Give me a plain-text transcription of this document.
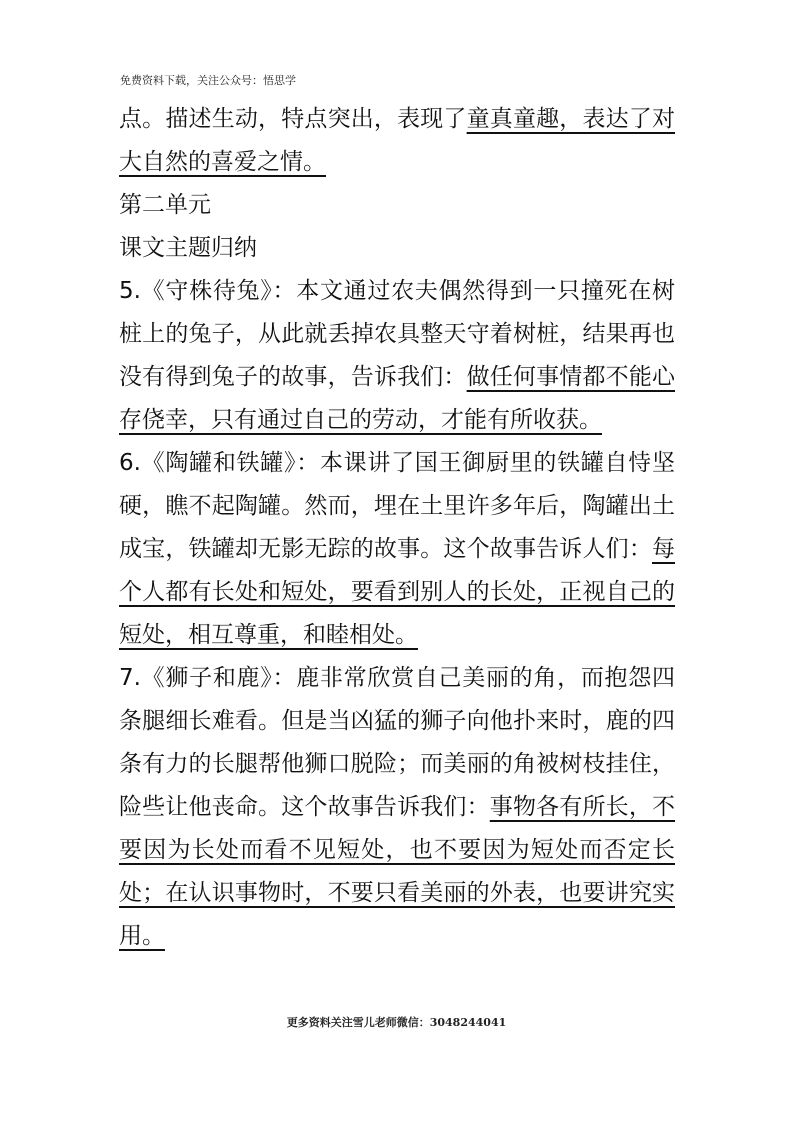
免费资料下载，关注公众号：悟思学

点。描述生动，特点突出，表现了童真童趣，表达了对大自然的喜爱之情。

第二单元

课文主题归纳

5.《守株待兔》：本文通过农夫偶然得到一只撞死在树桩上的兔子，从此就丢掉农具整天守着树桩，结果再也没有得到兔子的故事，告诉我们：做任何事情都不能心存侥幸，只有通过自己的劳动，才能有所收获。

6.《陶罐和铁罐》：本课讲了国王御厨里的铁罐自恃坚硬，瞧不起陶罐。然而，埋在土里许多年后，陶罐出土成宝，铁罐却无影无踪的故事。这个故事告诉人们：每个人都有长处和短处，要看到别人的长处，正视自己的短处，相互尊重，和睦相处。

7.《狮子和鹿》：鹿非常欣赏自己美丽的角，而抱怨四条腿细长难看。但是当凶猛的狮子向他扑来时，鹿的四条有力的长腿帮他狮口脱险；而美丽的角被树枝挂住，险些让他丧命。这个故事告诉我们：事物各有所长，不要因为长处而看不见短处，也不要因为短处而否定长处；在认识事物时，不要只看美丽的外表，也要讲究实用。

更多资料关注雪儿老师微信：3048244041
